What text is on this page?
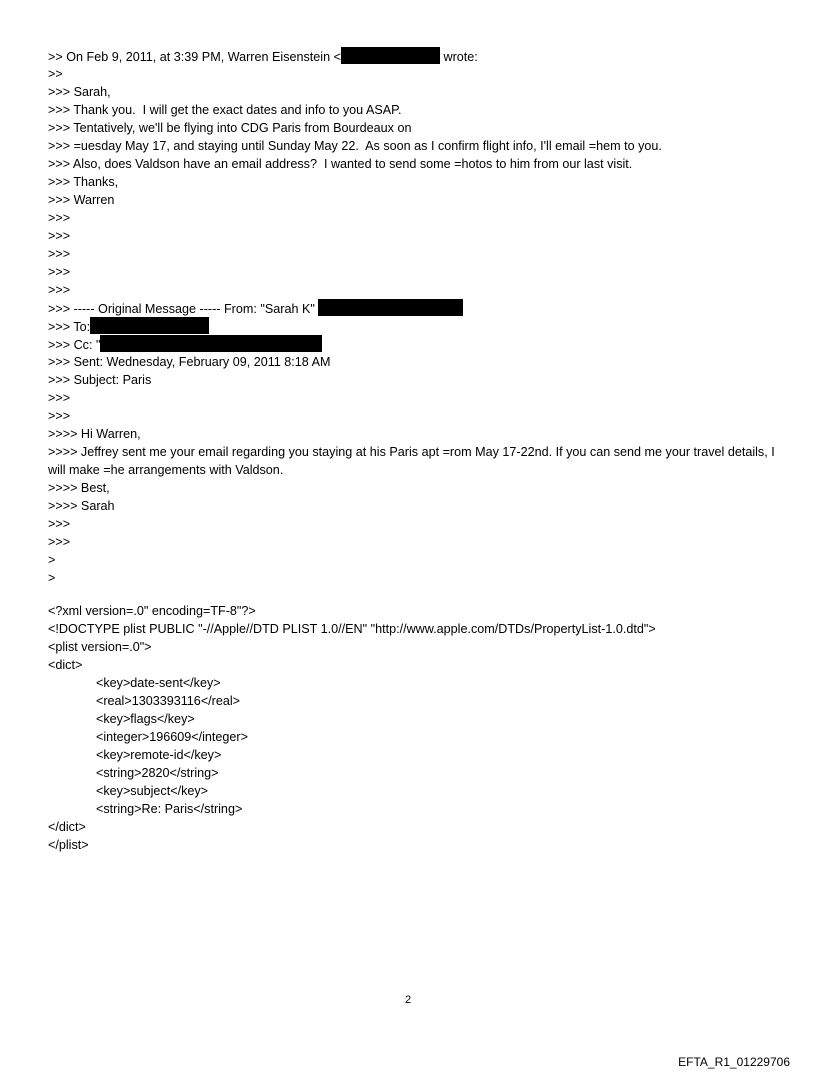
>> On Feb 9, 2011, at 3:39 PM, Warren Eisenstein <	wrote:
>>
>>> Sarah,
>>> Thank you.  I will get the exact dates and info to you ASAP.
>>> Tentatively, we'll be flying into CDG Paris from Bourdeaux on
>>> =uesday May 17, and staying until Sunday May 22.  As soon as I confirm flight info, I'll email =hem to you.
>>> Also, does Valdson have an email address?  I wanted to send some =hotos to him from our last visit.
>>> Thanks,
>>> Warren
>>>
>>>
>>>
>>>
>>>
>>> ----- Original Message ----- From: "Sarah K"
>>> To:
>>> Cc: "
>>> Sent: Wednesday, February 09, 2011 8:18 AM
>>> Subject: Paris
>>>
>>>
>>>> Hi Warren,
>>>> Jeffrey sent me your email regarding you staying at his Paris apt =rom May 17-22nd. If you can send me your travel details, I will make =he arrangements with Valdson.
>>>> Best,
>>>> Sarah
>>>
>>>
>
>
<?xml version=.0" encoding=TF-8"?>
<!DOCTYPE plist PUBLIC "-//Apple//DTD PLIST 1.0//EN" "http://www.apple.com/DTDs/PropertyList-1.0.dtd">
<plist version=.0">
<dict>
<key>date-sent</key>
<real>1303393116</real>
<key>flags</key>
<integer>196609</integer>
<key>remote-id</key>
<string>2820</string>
<key>subject</key>
<string>Re: Paris</string>
</dict>
</plist>
2
EFTA_R1_01229706
